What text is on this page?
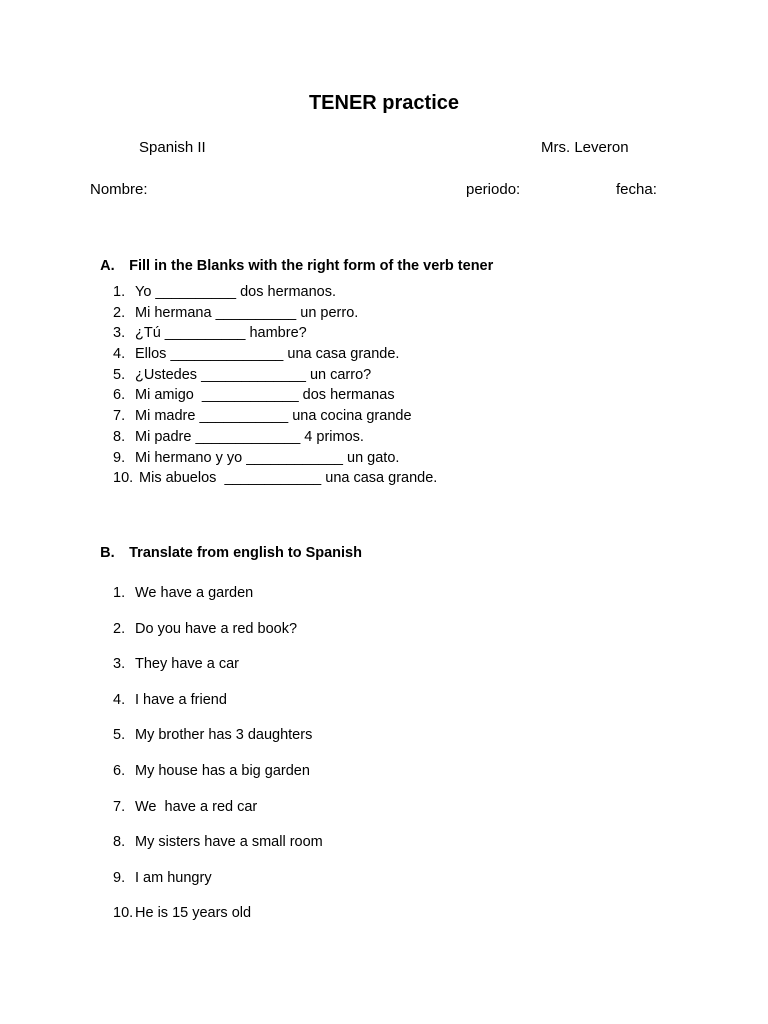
TENER practice
Spanish II	Mrs. Leveron
Nombre:	periodo:	fecha:

A. Fill in the Blanks with the right form of the verb tener

1. Yo __________ dos hermanos.
2. Mi hermana __________ un perro.
3. ¿Tú __________ hambre?
4. Ellos ______________ una casa grande.
5. ¿Ustedes _____________ un carro?
6. Mi amigo  ____________ dos hermanas
7. Mi madre ___________ una cocina grande
8. Mi padre _____________ 4 primos.
9. Mi hermano y yo ____________ un gato.
10. Mis abuelos  ____________ una casa grande.

B. Translate from english to Spanish

1. We have a garden
2. Do you have a red book?
3. They have a car
4. I have a friend
5. My brother has 3 daughters
6. My house has a big garden
7. We  have a red car
8. My sisters have a small room
9. I am hungry
10. He is 15 years old
